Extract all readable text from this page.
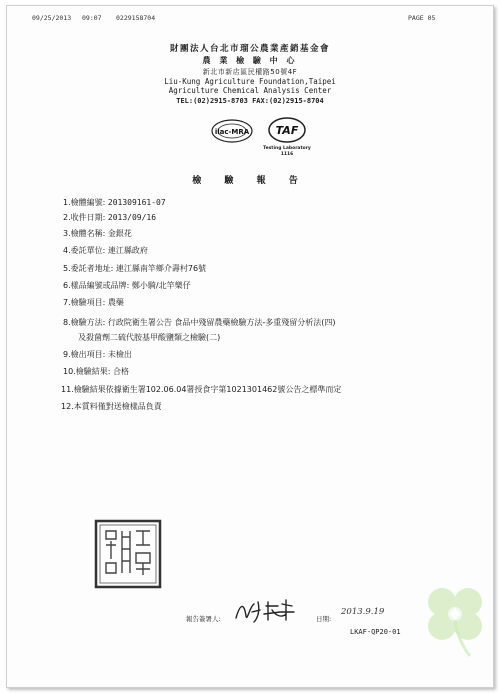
09/25/2013 09:07 0229158704	PAGE 05
財團法人台北市瑠公農業產銷基金會
農 業 檢 驗 中 心
新北市新店區民權路50號4F
Liu-Kung Agriculture Foundation,Taipei
Agriculture Chemical Analysis Center
TEL:(02)2915-8703 FAX:(02)2915-8704
ilac-MRA TAF
Testing Laboratory
1116
檢 驗 報 告
1.檢體編號: 201309161-07
2.收件日期: 2013/09/16
3.檢體名稱: 金銀花
4.委託單位: 連江縣政府
5.委託者地址: 連江縣南竿鄉介壽村76號
6.樣品編號或品牌: 鄭小騎/北竿樂仔
7.檢驗項目: 農藥
8.檢驗方法: 行政院衛生署公告 食品中殘留農藥檢驗方法-多重殘留分析法(四)
及殺菌劑二硫代胺基甲酸鹽類之檢驗(二)
9.檢出項目: 未檢出
10.檢驗結果: 合格
11.檢驗結果依據衛生署102.06.04署授食字第1021301462號公告之標準而定
12.本質料僅對送檢樣品負責
報告簽署人:	日期:
2013.9.19
LKAF-QP20-01
